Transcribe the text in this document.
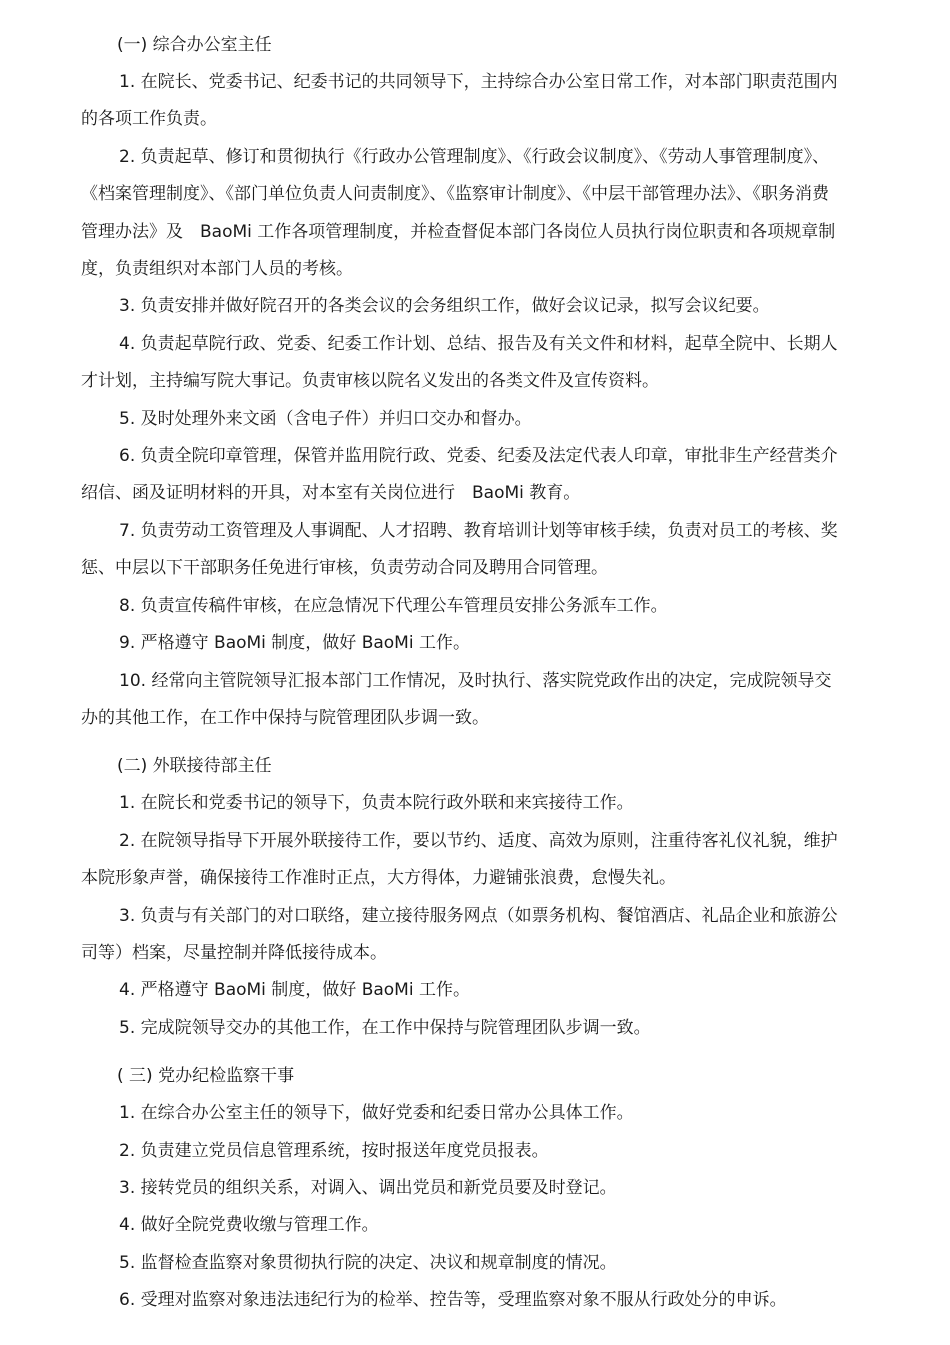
(一) 综合办公室主任

1. 在院长、党委书记、纪委书记的共同领导下，主持综合办公室日常工作，对本部门职责范围内的各项工作负责。

2. 负责起草、修订和贯彻执行《行政办公管理制度》、《行政会议制度》、《劳动人事管理制度》、《档案管理制度》、《部门单位负责人问责制度》、《监察审计制度》、《中层干部管理办法》、《职务消费管理办法》及　BaoMi 工作各项管理制度，并检查督促本部门各岗位人员执行岗位职责和各项规章制度，负责组织对本部门人员的考核。

3. 负责安排并做好院召开的各类会议的会务组织工作，做好会议记录，拟写会议纪要。

4. 负责起草院行政、党委、纪委工作计划、总结、报告及有关文件和材料，起草全院中、长期人才计划，主持编写院大事记。负责审核以院名义发出的各类文件及宣传资料。

5. 及时处理外来文函（含电子件）并归口交办和督办。

6. 负责全院印章管理，保管并监用院行政、党委、纪委及法定代表人印章，审批非生产经营类介绍信、函及证明材料的开具，对本室有关岗位进行　BaoMi 教育。

7. 负责劳动工资管理及人事调配、人才招聘、教育培训计划等审核手续，负责对员工的考核、奖惩、中层以下干部职务任免进行审核，负责劳动合同及聘用合同管理。

8. 负责宣传稿件审核，在应急情况下代理公车管理员安排公务派车工作。

9. 严格遵守 BaoMi 制度，做好 BaoMi 工作。

10. 经常向主管院领导汇报本部门工作情况，及时执行、落实院党政作出的决定，完成院领导交办的其他工作，在工作中保持与院管理团队步调一致。

(二) 外联接待部主任

1. 在院长和党委书记的领导下，负责本院行政外联和来宾接待工作。

2. 在院领导指导下开展外联接待工作，要以节约、适度、高效为原则，注重待客礼仪礼貌，维护本院形象声誉，确保接待工作准时正点，大方得体，力避铺张浪费，怠慢失礼。

3. 负责与有关部门的对口联络，建立接待服务网点（如票务机构、餐馆酒店、礼品企业和旅游公司等）档案，尽量控制并降低接待成本。

4. 严格遵守 BaoMi 制度，做好 BaoMi 工作。

5. 完成院领导交办的其他工作，在工作中保持与院管理团队步调一致。

( 三) 党办纪检监察干事

1. 在综合办公室主任的领导下，做好党委和纪委日常办公具体工作。

2. 负责建立党员信息管理系统，按时报送年度党员报表。

3. 接转党员的组织关系，对调入、调出党员和新党员要及时登记。

4. 做好全院党费收缴与管理工作。

5. 监督检查监察对象贯彻执行院的决定、决议和规章制度的情况。

6. 受理对监察对象违法违纪行为的检举、控告等，受理监察对象不服从行政处分的申诉。
